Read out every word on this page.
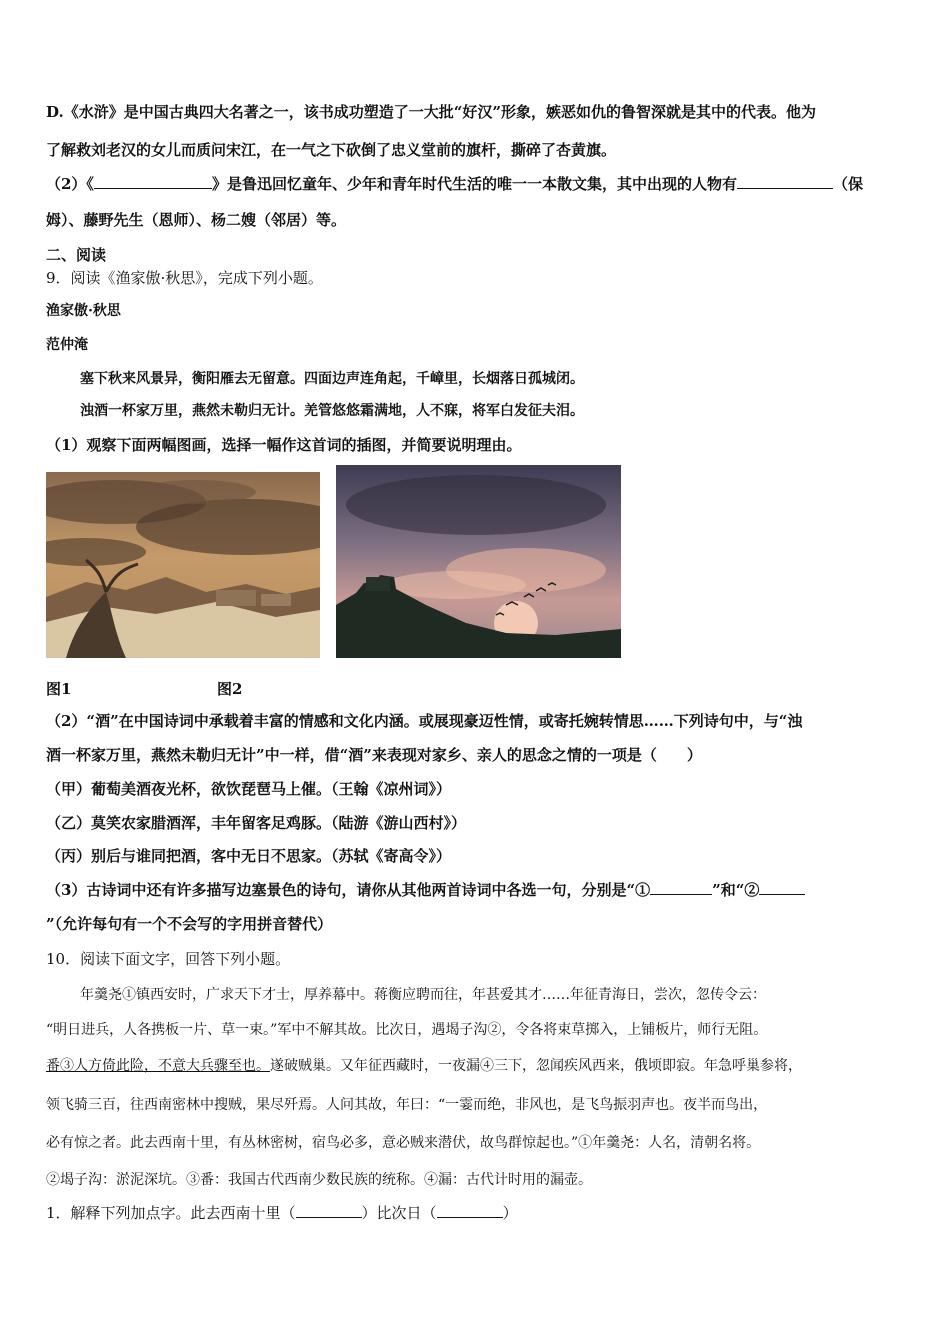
D.《水浒》是中国古典四大名著之一，该书成功塑造了一大批“好汉”形象，嫉恶如仇的鲁智深就是其中的代表。他为
了解救刘老汉的女儿而质问宋江，在一气之下砍倒了忠义堂前的旗杆，撕碎了杏黄旗。
（2）《	》是鲁迅回忆童年、少年和青年时代生活的唯一一本散文集，其中出现的人物有	（保
姆）、藤野先生（恩师）、杨二嫂（邻居）等。
二、阅读
9．阅读《渔家傲·秋思》，完成下列小题。
渔家傲·秋思
范仲淹
塞下秋来风景异，衡阳雁去无留意。四面边声连角起，千嶂里，长烟落日孤城闭。
浊酒一杯家万里，燕然未勒归无计。羌管悠悠霜满地，人不寐，将军白发征夫泪。
（1）观察下面两幅图画，选择一幅作这首词的插图，并简要说明理由。
图1	图2
（2）“酒”在中国诗词中承载着丰富的情感和文化内涵。或展现豪迈性情，或寄托婉转情思……下列诗句中，与“浊
酒一杯家万里，燕然未勒归无计”中一样，借“酒”来表现对家乡、亲人的思念之情的一项是（　　）
（甲）葡萄美酒夜光杯，欲饮琵琶马上催。（王翰《凉州词》）
（乙）莫笑农家腊酒浑，丰年留客足鸡豚。（陆游《游山西村》）
（丙）别后与谁同把酒，客中无日不思家。（苏轼《寄高令》）
（3）古诗词中还有许多描写边塞景色的诗句，请你从其他两首诗词中各选一句，分别是“①	”和“②
”（允许每句有一个不会写的字用拼音替代）
10．阅读下面文字，回答下列小题。
年羹尧①镇西安时，广求天下才士，厚养幕中。蒋衡应聘而往，年甚爱其才……年征青海日，尝次，忽传令云：
“明日进兵，人各携板一片、草一束。”军中不解其故。比次日，遇堨子沟②，令各将束草掷入，上铺板片，师行无阻。
番③人方倚此险，不意大兵骤至也。遂破贼巢。又年征西藏时，一夜漏④三下，忽闻疾风西来，俄顷即寂。年急呼巢参将，
领飞骑三百，往西南密林中搜贼，果尽歼焉。人问其故，年曰：“一霎而绝，非风也，是飞鸟振羽声也。夜半而鸟出，
必有惊之者。此去西南十里，有丛林密树，宿鸟必多，意必贼来潜伏，故鸟群惊起也。”①年羹尧：人名，清朝名将。
②堨子沟：淤泥深坑。③番：我国古代西南少数民族的统称。④漏：古代计时用的漏壶。
1．解释下列加点字。此去西南十里（	）比次日（	）
